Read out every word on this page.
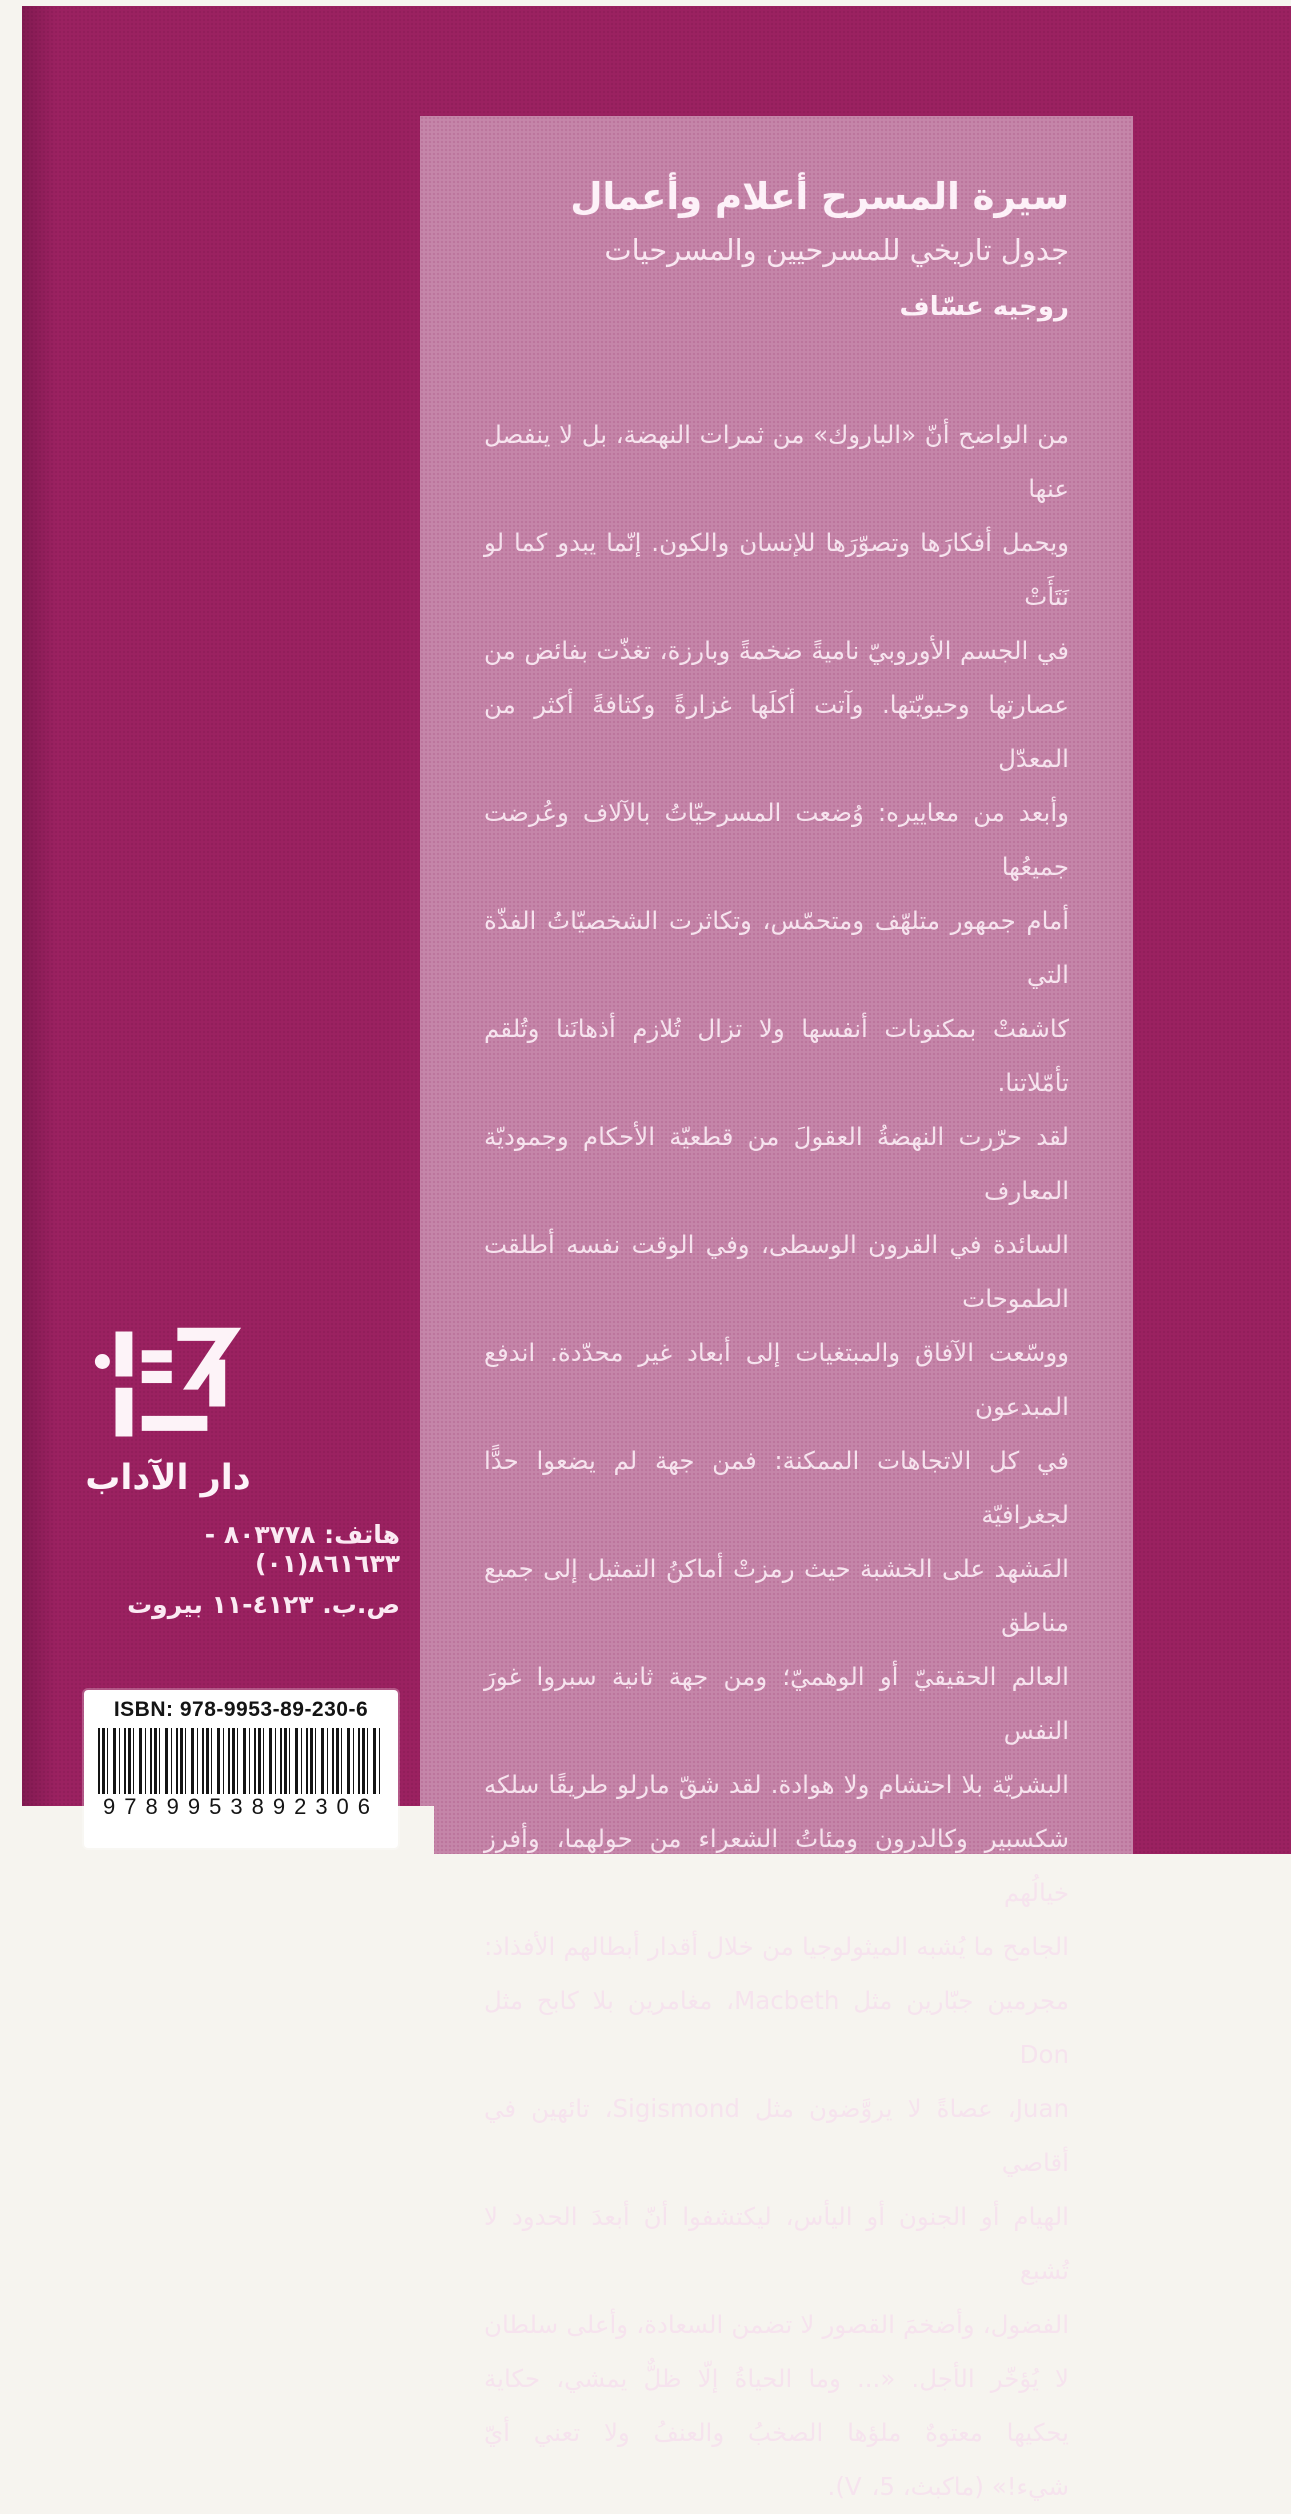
سيرة المسرح أعلام وأعمال
جدول تاريخي للمسرحيين والمسرحيات
روجيه عسّاف
من الواضح أنّ «الباروك» من ثمرات النهضة، بل لا ينفصل عنها
ويحمل أفكارَها وتصوّرَها للإنسان والكون. إنّما يبدو كما لو نَتَأَتْ
في الجسم الأوروبيّ ناميةً ضخمةً وبارزة، تغذّت بفائض من
عصارتها وحيويّتها. وآتت أكلَها غزارةً وكثافةً أكثر من المعدّل
وأبعد من معاييره: وُضعت المسرحيّاتُ بالآلاف وعُرضت جميعُها
أمام جمهور متلهّف ومتحمّس، وتكاثرت الشخصيّاتُ الفذّة التي
كاشفتْ بمكنونات أنفسها ولا تزال تُلازم أذهانَنا وتُلقم تأمّلاتنا.
لقد حرّرت النهضةُ العقولَ من قطعيّة الأحكام وجموديّة المعارف
السائدة في القرون الوسطى، وفي الوقت نفسه أطلقت الطموحات
ووسّعت الآفاق والمبتغيات إلى أبعاد غير محدّدة. اندفع المبدعون
في كل الاتجاهات الممكنة: فمن جهة لم يضعوا حدًّا لجغرافيّة
المَشهد على الخشبة حيث رمزتْ أماكنُ التمثيل إلى جميع مناطق
العالم الحقيقيّ أو الوهميّ؛ ومن جهة ثانية سبروا غورَ النفس
البشريّة بلا احتشام ولا هوادة. لقد شقّ مارلو طريقًا سلكه
شكسبير وكالدرون ومئاتُ الشعراء من حولهما، وأفرز خيالُهم
الجامح ما يُشبه الميثولوجيا من خلال أقدار أبطالهم الأفذاذ:
مجرمين جبّارين مثل Macbeth، مغامرين بلا كابح مثل Don
Juan، عصاةً لا يروَّضون مثل Sigismond، تائهين في أقاصي
الهيام أو الجنون أو اليأس، ليكتشفوا أنّ أبعدَ الحدود لا تُشبع
الفضول، وأضخمَ القصور لا تضمن السعادة، وأعلى سلطان
لا يُؤخّر الأجل. «... وما الحياةُ إلّا ظلٌّ يمشي، حكاية
يحكيها معتوهٌ ملؤها الصخبُ والعنفُ ولا تعني أيّ
شيء!» (ماكبث، 5، V).
دار الآداب
هاتف: ٨٠٣٧٧٨ - ٨٦١٦٣٣(٠١)
ص.ب. ٤١٢٣-١١ بيروت
ISBN: 978-9953-89-230-6
9789953892306
